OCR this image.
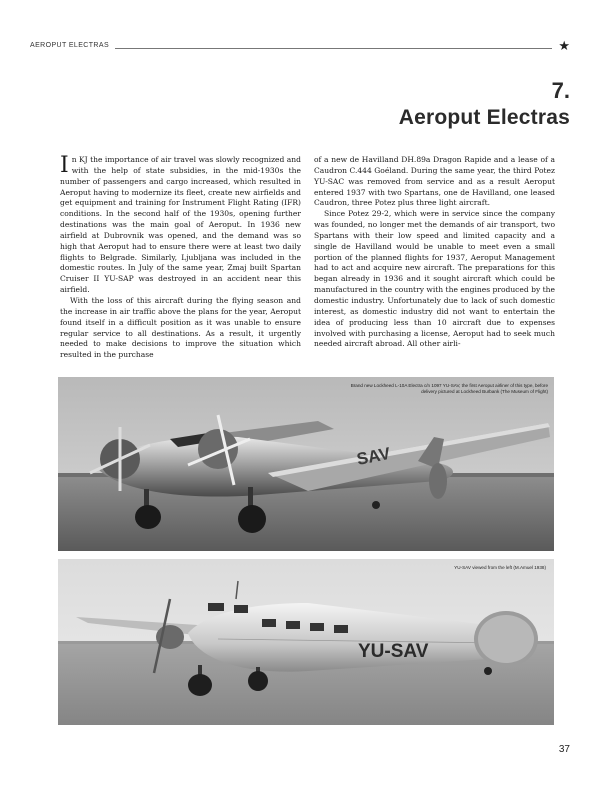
AEROPUT ELECTRAS	★
7.
Aeroput Electras

In KJ the importance of air travel was slowly recognized and with the help of state subsidies, in the mid-1930s the number of passengers and cargo increased, which resulted in Aeroput having to modernize its fleet, create new airfields and get equipment and training for Instrument Flight Rating (IFR) conditions. In the second half of the 1930s, opening further destinations was the main goal of Aeroput. In 1936 new airfield at Dubrovnik was opened, and the demand was so high that Aeroput had to ensure there were at least two daily flights to Belgrade. Similarly, Ljubljana was included in the domestic routes. In July of the same year, Zmaj built Spartan Cruiser II YU-SAP was destroyed in an accident near this airfield.

With the loss of this aircraft during the flying season and the increase in air traffic above the plans for the year, Aeroput found itself in a difficult position as it was unable to ensure regular service to all destinations. As a result, it urgently needed to make decisions to improve the situation which resulted in the purchase

of a new de Havilland DH.89a Dragon Rapide and a lease of a Caudron C.444 Goéland. During the same year, the third Potez YU-SAC was removed from service and as a result Aeroput entered 1937 with two Spartans, one de Havilland, one leased Caudron, three Potez plus three light aircraft.

Since Potez 29-2, which were in service since the company was founded, no longer met the demands of air transport, two Spartans with their low speed and limited capacity and a single de Havilland would be unable to meet even a small portion of the planned flights for 1937, Aeroput Management had to act and acquire new aircraft. The preparations for this began already in 1936 and it sought aircraft which could be manufactured in the country with the engines produced by the domestic industry. Unfortunately due to lack of such domestic interest, as domestic industry did not want to entertain the idea of producing less than 10 aircraft due to expenses involved with purchasing a license, Aeroput had to seek much needed aircraft abroad. All other airli-

SAV
Brand new Lockheed L-10A Electra c/n 1097 YU-SAV, the first Aeroput airliner of this type, before delivery pictured at Lockheed Burbank (The Museum of Flight)
YU-SAV
YU-SAV viewed from the left (M.Amuel 1938)
37
